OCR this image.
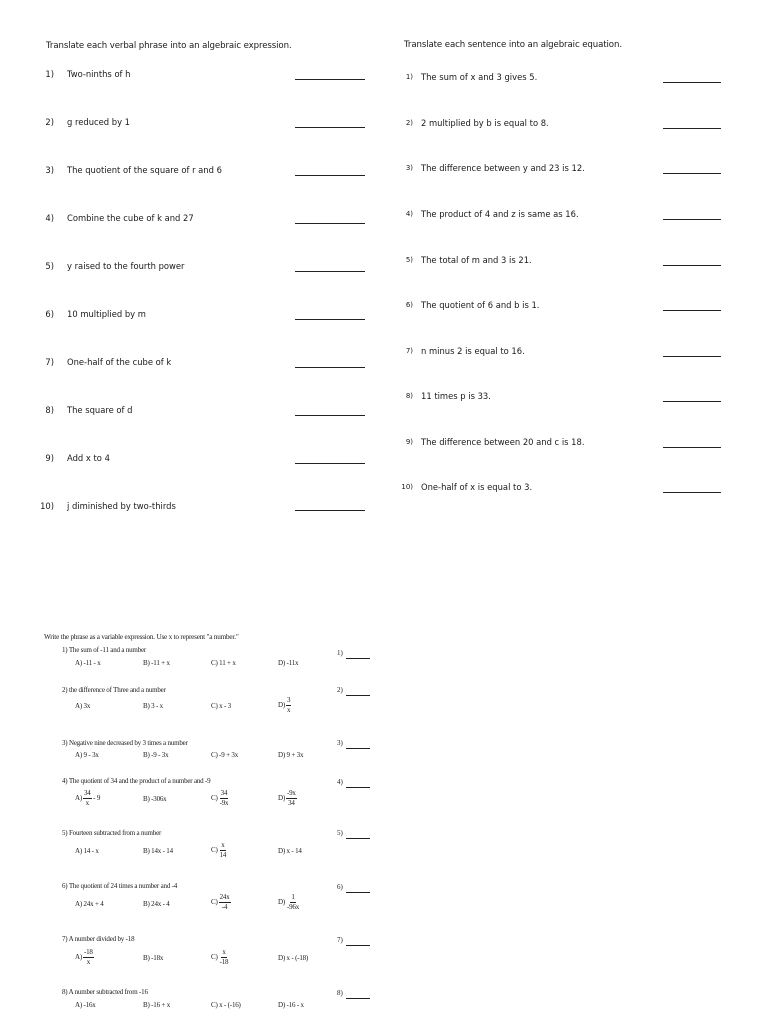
Translate each verbal phrase into an algebraic expression.
1) Two-ninths of h
2) g reduced by 1
3) The quotient of the square of r and 6
4) Combine the cube of k and 27
5) y raised to the fourth power
6) 10 multiplied by m
7) One-half of the cube of k
8) The square of d
9) Add x to 4
10) j diminished by two-thirds
Translate each sentence into an algebraic equation.
1) The sum of x and 3 gives 5.
2) 2 multiplied by b is equal to 8.
3) The difference between y and 23 is 12.
4) The product of 4 and z is same as 16.
5) The total of m and 3 is 21.
6) The quotient of 6 and b is 1.
7) n minus 2 is equal to 16.
8) 11 times p is 33.
9) The difference between 20 and c is 18.
10) One-half of x is equal to 3.
Write the phrase as a variable expression. Use x to represent "a number."
1) The sum of -11 and a number	1)
A) -11 - x	B) -11 + x	C) 11 + x	D) -11x
2) the difference of Three and a number	2)
A) 3x	B) 3 - x	C) x - 3	$D) \frac{3}{x}$
3) Negative nine decreased by 3 times a number	3)
A) 9 - 3x	B) -9 - 3x	C) -9 + 3x	D) 9 + 3x
4) The quotient of 34 and the product of a number and -9	4)
$A) \frac{34}{x} - 9$	B) -306x	$C) \frac{34}{-9x}$	$D) \frac{-9x}{34}$
5) Fourteen subtracted from a number	5)
A) 14 - x	B) 14x - 14	$C) \frac{x}{14}$	D) x - 14
6) The quotient of 24 times a number and -4	6)
A) 24x + 4	B) 24x - 4	$C) \frac{24x}{-4}$	$D) \frac{1}{-96x}$
7) A number divided by -18	7)
$A) \frac{-18}{x}$	B) -18x	$C) \frac{x}{-18}$	D) x - (-18)
8) A number subtracted from -16	8)
A) -16x	B) -16 + x	C) x - (-16)	D) -16 - x
